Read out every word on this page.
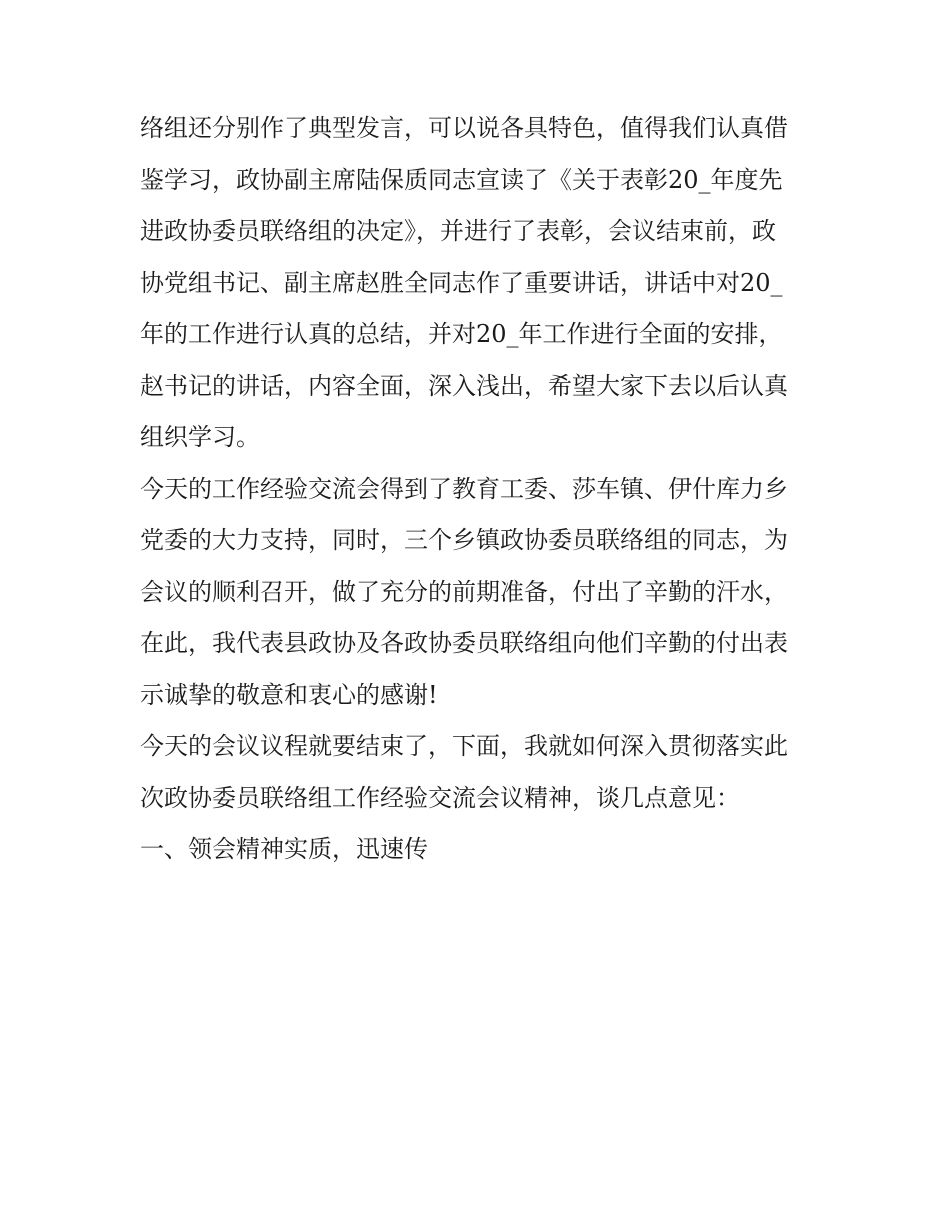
络组还分别作了典型发言，可以说各具特色，值得我们认真借
鉴学习，政协副主席陆保质同志宣读了《关于表彰20_年度先
进政协委员联络组的决定》，并进行了表彰，会议结束前，政
协党组书记、副主席赵胜全同志作了重要讲话，讲话中对20_
年的工作进行认真的总结，并对20_年工作进行全面的安排，
赵书记的讲话，内容全面，深入浅出，希望大家下去以后认真
组织学习。
今天的工作经验交流会得到了教育工委、莎车镇、伊什库力乡
党委的大力支持，同时，三个乡镇政协委员联络组的同志，为
会议的顺利召开，做了充分的前期准备，付出了辛勤的汗水，
在此，我代表县政协及各政协委员联络组向他们辛勤的付出表
示诚挚的敬意和衷心的感谢!
今天的会议议程就要结束了，下面，我就如何深入贯彻落实此
次政协委员联络组工作经验交流会议精神，谈几点意见：
一、领会精神实质，迅速传
